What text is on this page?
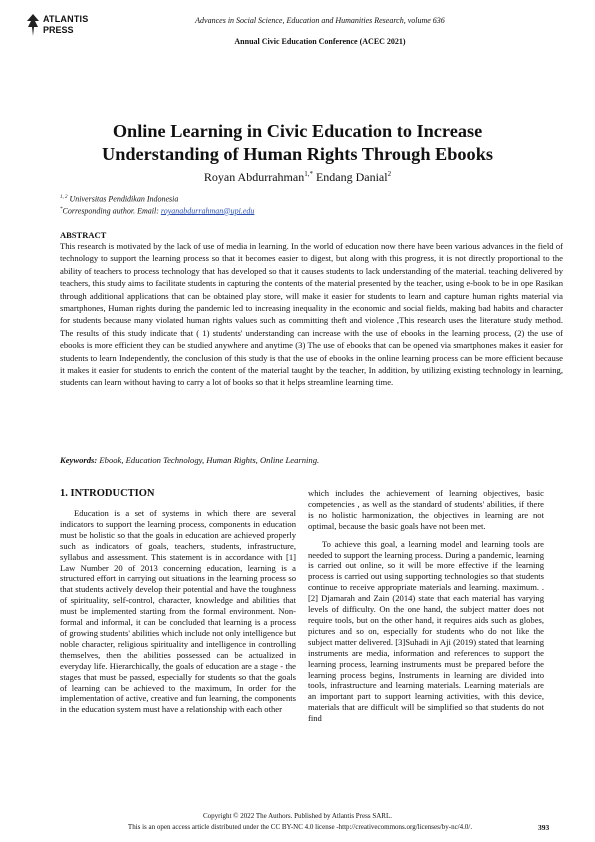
ATLANTIS
PRESS
Advances in Social Science, Education and Humanities Research, volume 636
Annual Civic Education Conference (ACEC 2021)
Online Learning in Civic Education to Increase
Understanding of Human Rights Through Ebooks
Royan Abdurrahman$^{1,*}$ Endang Danial$^2$
$^{1, 2}$ Universitas Pendidikan Indonesia
*Corresponding author. Email: royanabdurrahman@upi.edu
ABSTRACT
This research is motivated by the lack of use of media in learning. In the world of education now there have been various advances in the field of technology to support the learning process so that it becomes easier to digest, but along with this progress, it is not directly proportional to the ability of teachers to process technology that has developed so that it causes students to lack understanding of the material. teaching delivered by teachers, this study aims to facilitate students in capturing the contents of the material presented by the teacher, using e-book to be in ope Rasikan through additional applications that can be obtained play store, will make it easier for students to learn and capture human rights material via smartphones, Human rights during the pandemic led to increasing inequality in the economic and social fields, making bad habits and character for students because many violated human rights values such as committing theft and violence ,This research uses the literature study method. The results of this study indicate that ( 1) students' understanding can increase with the use of ebooks in the learning process, (2) the use of ebooks is more efficient they can be studied anywhere and anytime (3) The use of ebooks that can be opened via smartphones makes it easier for students to learn Independently, the conclusion of this study is that the use of ebooks in the online learning process can be more efficient because it makes it easier for students to enrich the content of the material taught by the teacher, In addition, by utilizing existing technology in learning, students can learn without having to carry a lot of books so that it helps streamline learning time.
Keywords: Ebook, Education Technology, Human Rights, Online Learning.
1. INTRODUCTION

Education is a set of systems in which there are several indicators to support the learning process, components in education must be holistic so that the goals in education are achieved properly such as indicators of goals, teachers, students, infrastructure, syllabus and assessment. This statement is in accordance with [1] Law Number 20 of 2013 concerning education, learning is a structured effort in carrying out situations in the learning process so that students actively develop their potential and have the toughness of spirituality, self-control, character, knowledge and abilities that must be implemented starting from the formal environment. Non-formal and informal, it can be concluded that learning is a process of growing students' abilities which include not only intelligence but noble character, religious spirituality and intelligence in controlling themselves, then the abilities possessed can be actualized in everyday life. Hierarchically, the goals of education are a stage - the stages that must be passed, especially for students so that the goals of learning can be achieved to the maximum, In order for the implementation of active, creative and fun learning, the components in the education system must have a relationship with each other

which includes the achievement of learning objectives, basic competencies , as well as the standard of students' abilities, if there is no holistic harmonization, the objectives in learning are not optimal, because the basic goals have not been met.

To achieve this goal, a learning model and learning tools are needed to support the learning process. During a pandemic, learning is carried out online, so it will be more effective if the learning process is carried out using supporting technologies so that students continue to receive appropriate materials and learning. maximum. . [2] Djamarah and Zain (2014) state that each material has varying levels of difficulty. On the one hand, the subject matter does not require tools, but on the other hand, it requires aids such as globes, pictures and so on, especially for students who do not like the subject matter delivered. [3]Suhadi in Aji (2019) stated that learning instruments are media, information and references to support the learning process, learning instruments must be prepared before the learning process begins, Instruments in learning are divided into tools, infrastructure and learning materials. Learning materials are an important part to support learning activities, with this device, materials that are difficult will be simplified so that students do not find

Copyright © 2022 The Authors. Published by Atlantis Press SARL.
This is an open access article distributed under the CC BY-NC 4.0 license -http://creativecommons.org/licenses/by-nc/4.0/.	393
